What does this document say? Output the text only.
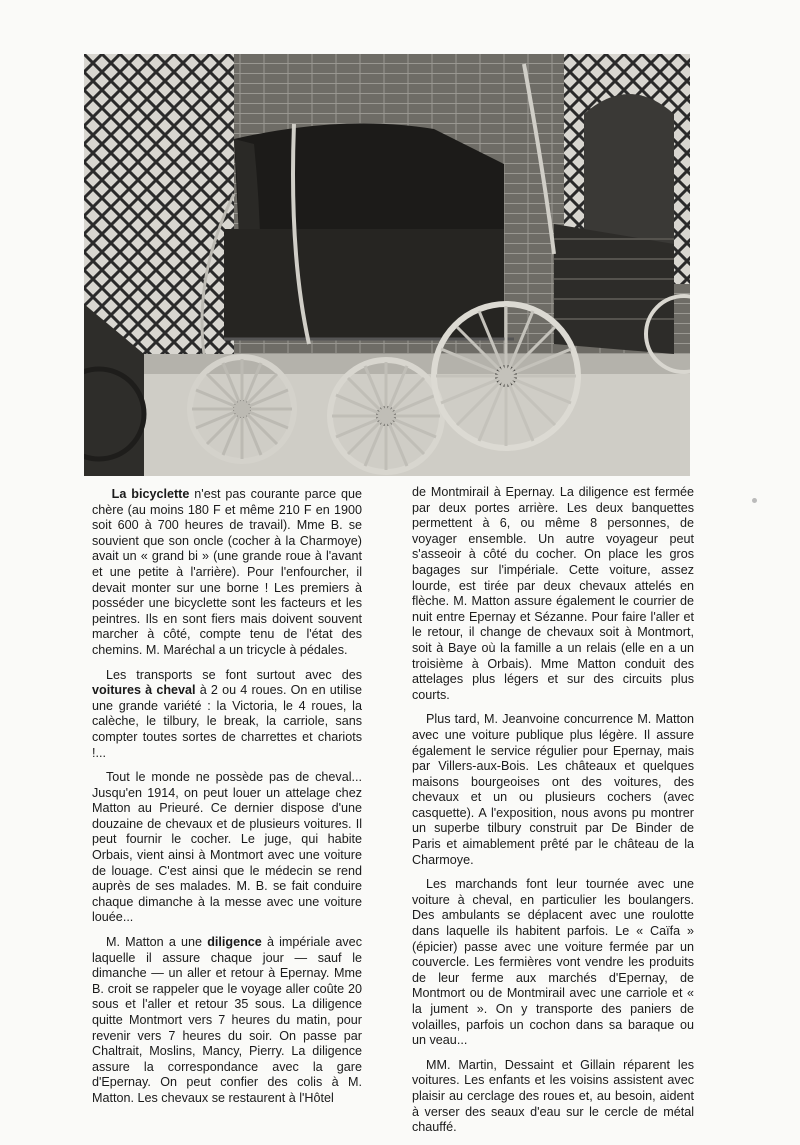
La bicyclette n'est pas courante parce que chère (au moins 180 F et même 210 F en 1900 soit 600 à 700 heures de travail). Mme B. se souvient que son oncle (cocher à la Charmoye) avait un « grand bi » (une grande roue à l'avant et une petite à l'arrière). Pour l'enfourcher, il devait monter sur une borne ! Les premiers à posséder une bicyclette sont les facteurs et les peintres. Ils en sont fiers mais doivent souvent marcher à côté, compte tenu de l'état des chemins. M. Maréchal a un tricycle à pédales.

Les transports se font surtout avec des voitures à cheval à 2 ou 4 roues. On en utilise une grande variété : la Victoria, le 4 roues, la calèche, le tilbury, le break, la carriole, sans compter toutes sortes de charrettes et chariots !...

Tout le monde ne possède pas de cheval... Jusqu'en 1914, on peut louer un attelage chez Matton au Prieuré. Ce dernier dispose d'une douzaine de chevaux et de plusieurs voitures. Il peut fournir le cocher. Le juge, qui habite Orbais, vient ainsi à Montmort avec une voiture de louage. C'est ainsi que le médecin se rend auprès de ses malades. M. B. se fait conduire chaque dimanche à la messe avec une voiture louée...

M. Matton a une diligence à impériale avec laquelle il assure chaque jour — sauf le dimanche — un aller et retour à Epernay. Mme B. croit se rappeler que le voyage aller coûte 20 sous et l'aller et retour 35 sous. La diligence quitte Montmort vers 7 heures du matin, pour revenir vers 7 heures du soir. On passe par Chaltrait, Moslins, Mancy, Pierry. La diligence assure la correspondance avec la gare d'Epernay. On peut confier des colis à M. Matton. Les chevaux se restaurent à l'Hôtel

de Montmirail à Epernay. La diligence est fermée par deux portes arrière. Les deux banquettes permettent à 6, ou même 8 personnes, de voyager ensemble. Un autre voyageur peut s'asseoir à côté du cocher. On place les gros bagages sur l'impériale. Cette voiture, assez lourde, est tirée par deux chevaux attelés en flèche. M. Matton assure également le courrier de nuit entre Epernay et Sézanne. Pour faire l'aller et le retour, il change de chevaux soit à Montmort, soit à Baye où la famille a un relais (elle en a un troisième à Orbais). Mme Matton conduit des attelages plus légers et sur des circuits plus courts.

Plus tard, M. Jeanvoine concurrence M. Matton avec une voiture publique plus légère. Il assure également le service régulier pour Epernay, mais par Villers-aux-Bois. Les châteaux et quelques maisons bourgeoises ont des voitures, des chevaux et un ou plusieurs cochers (avec casquette). A l'exposition, nous avons pu montrer un superbe tilbury construit par De Binder de Paris et aimablement prêté par le château de la Charmoye.

Les marchands font leur tournée avec une voiture à cheval, en particulier les boulangers. Des ambulants se déplacent avec une roulotte dans laquelle ils habitent parfois. Le « Caïfa » (épicier) passe avec une voiture fermée par un couvercle. Les fermières vont vendre les produits de leur ferme aux marchés d'Epernay, de Montmort ou de Montmirail avec une carriole et « la jument ». On y transporte des paniers de volailles, parfois un cochon dans sa baraque ou un veau...

MM. Martin, Dessaint et Gillain réparent les voitures. Les enfants et les voisins assistent avec plaisir au cerclage des roues et, au besoin, aident à verser des seaux d'eau sur le cercle de métal chauffé.
